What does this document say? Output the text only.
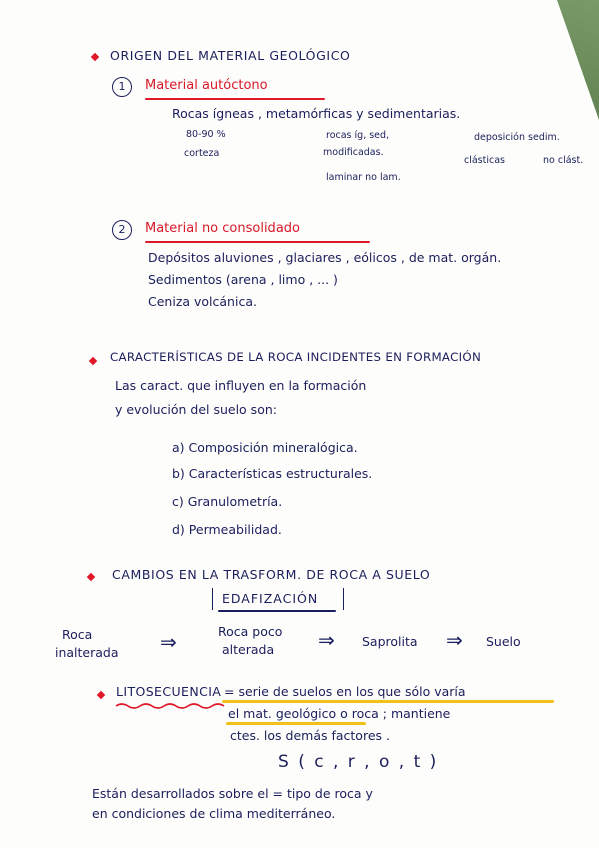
ORIGEN DEL MATERIAL GEOLÓGICO
1	Material autóctono
Rocas ígneas , metamórficas y sedimentarias.
80-90 %
corteza
rocas íg, sed,
modificadas.
laminar no lam.
deposición sedim.
clásticas	no clást.
2	Material no consolidado
Depósitos aluviones , glaciares , eólicos , de mat. orgán.
Sedimentos (arena , limo , ... )
Ceniza volcánica.
CARACTERÍSTICAS DE LA ROCA INCIDENTES EN FORMACIÓN
Las caract. que influyen en la formación
y evolución del suelo son:
a) Composición mineralógica.
b) Características estructurales.
c) Granulometría.
d) Permeabilidad.
CAMBIOS EN LA TRASFORM. DE ROCA A SUELO
EDAFIZACIÓN
Roca
inalterada ⇒	Roca poco
alterada ⇒ Saprolita ⇒ Suelo
LITOSECUENCIA = serie de suelos en los que sólo varía
el mat. geológico o roca ; mantiene
ctes. los demás factores .
S ( c , r , o , t )
Están desarrollados sobre el = tipo de roca y
en condiciones de clima mediterráneo.
